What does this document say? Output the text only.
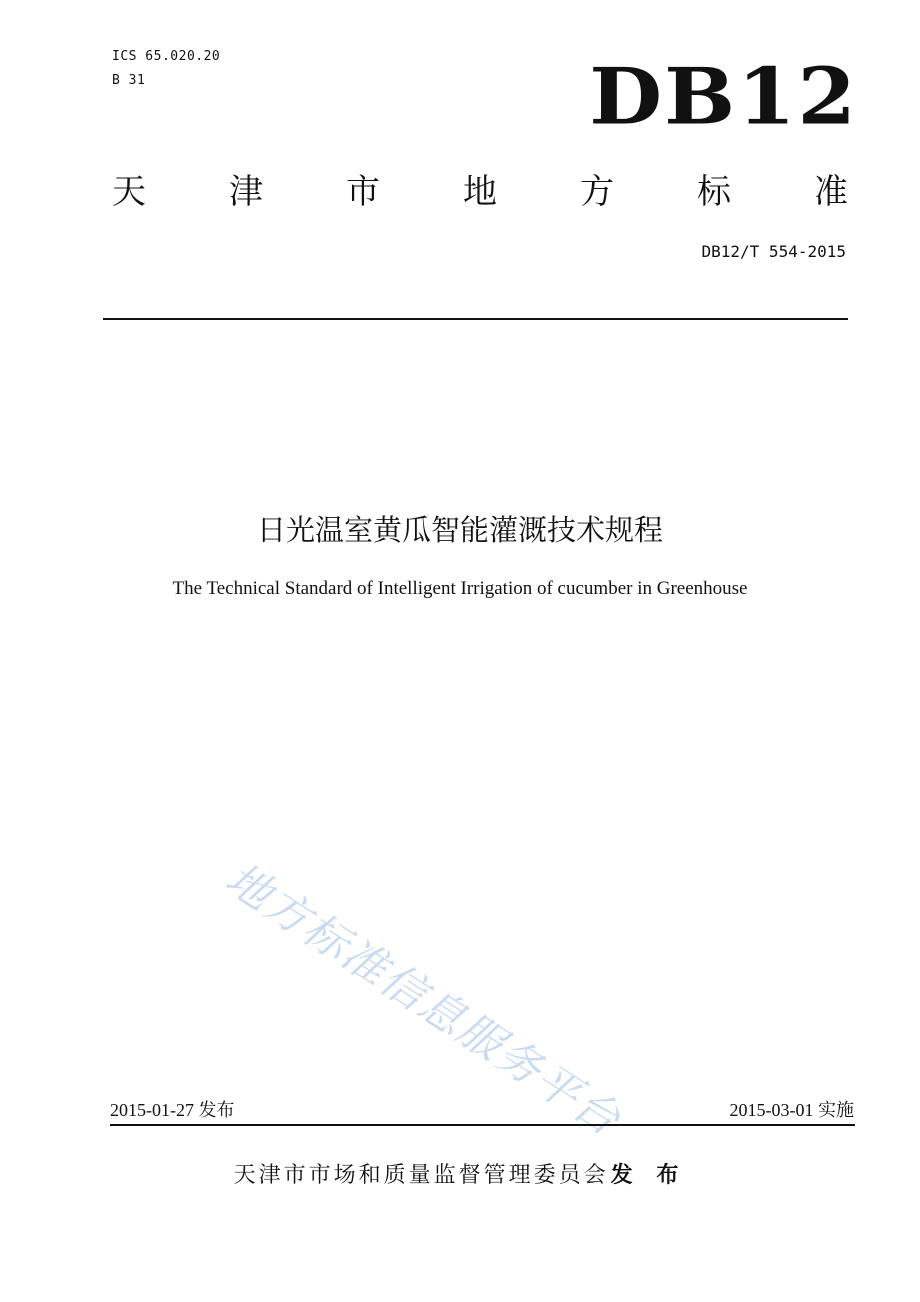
ICS 65.020.20
B 31	DB12
天 津 市 地 方 标 准
DB12/T 554-2015
日光温室黄瓜智能灌溉技术规程
The Technical Standard of Intelligent Irrigation of cucumber in Greenhouse
地方标准信息服务平台
2015-01-27 发布	2015-03-01 实施
天津市市场和质量监督管理委员会发 布
